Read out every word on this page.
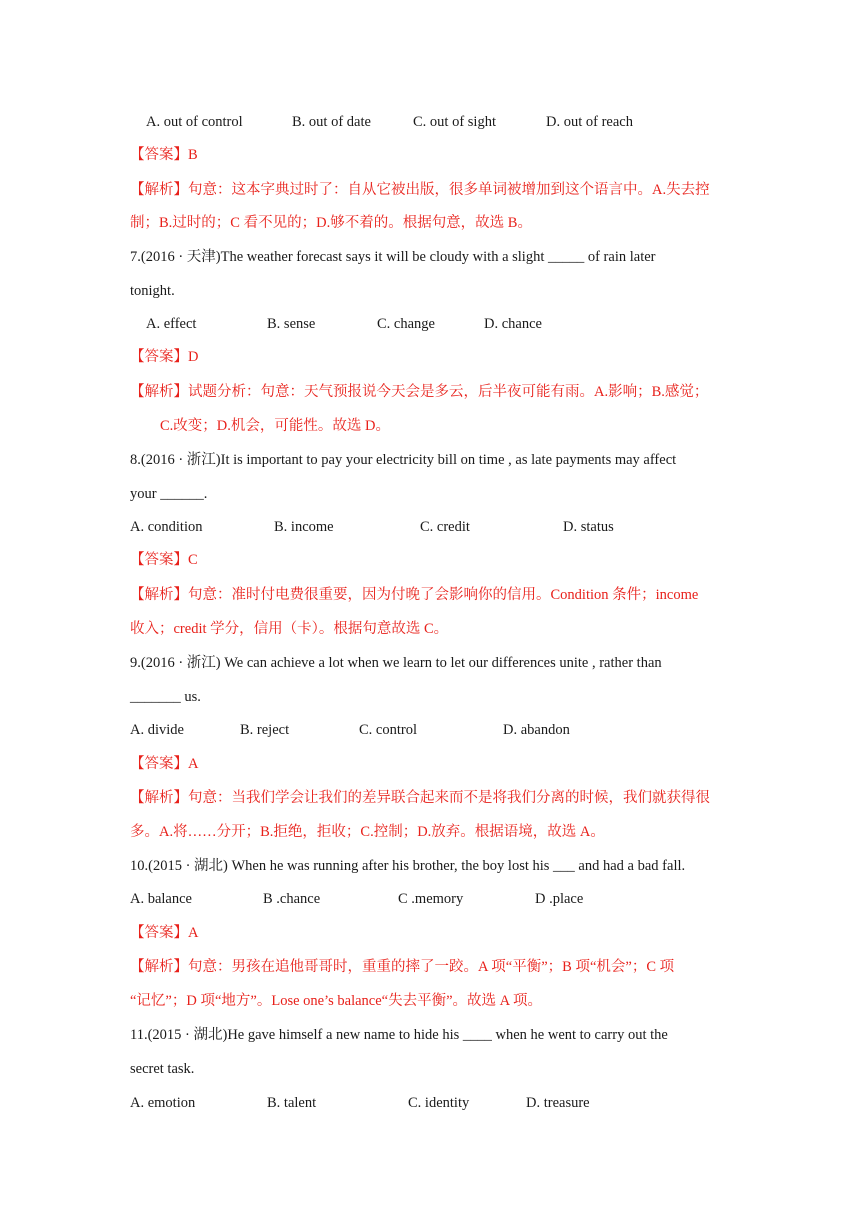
A. out of control	B. out of date	C. out of sight	D. out of reach
【答案】B
【解析】句意：这本字典过时了：自从它被出版，很多单词被增加到这个语言中。A.失去控
制；B.过时的；C 看不见的；D.够不着的。根据句意，故选 B。
7.(2016 · 天津)The weather forecast says it will be cloudy with a slight _____ of rain later
tonight.
A. effect	B. sense	C. change	D. chance
【答案】D
【解析】试题分析：句意：天气预报说今天会是多云，后半夜可能有雨。A.影响；B.感觉；
C.改变；D.机会，可能性。故选 D。
8.(2016 · 浙江)It is important to pay your electricity bill on time , as late payments may affect
your ______.
A. condition	B. income	C. credit	D. status
【答案】C
【解析】句意：准时付电费很重要，因为付晚了会影响你的信用。Condition 条件；income
收入；credit 学分，信用（卡）。根据句意故选 C。
9.(2016 · 浙江) We can achieve a lot when we learn to let our differences unite , rather than
_______ us.
A. divide	B. reject	C. control	D. abandon
【答案】A
【解析】句意：当我们学会让我们的差异联合起来而不是将我们分离的时候，我们就获得很
多。A.将……分开；B.拒绝，拒收；C.控制；D.放弃。根据语境，故选 A。
10.(2015 · 湖北) When he was running after his brother, the boy lost his ___ and had a bad fall.
A. balance	B .chance	C .memory	D .place
【答案】A
【解析】句意：男孩在追他哥哥时，重重的摔了一跤。A 项“平衡”；B 项“机会”；C 项
“记忆”；D 项“地方”。Lose one’s balance“失去平衡”。故选 A 项。
11.(2015 · 湖北)He gave himself a new name to hide his ____ when he went to carry out the
secret task.
A. emotion	B. talent	C. identity	D. treasure
